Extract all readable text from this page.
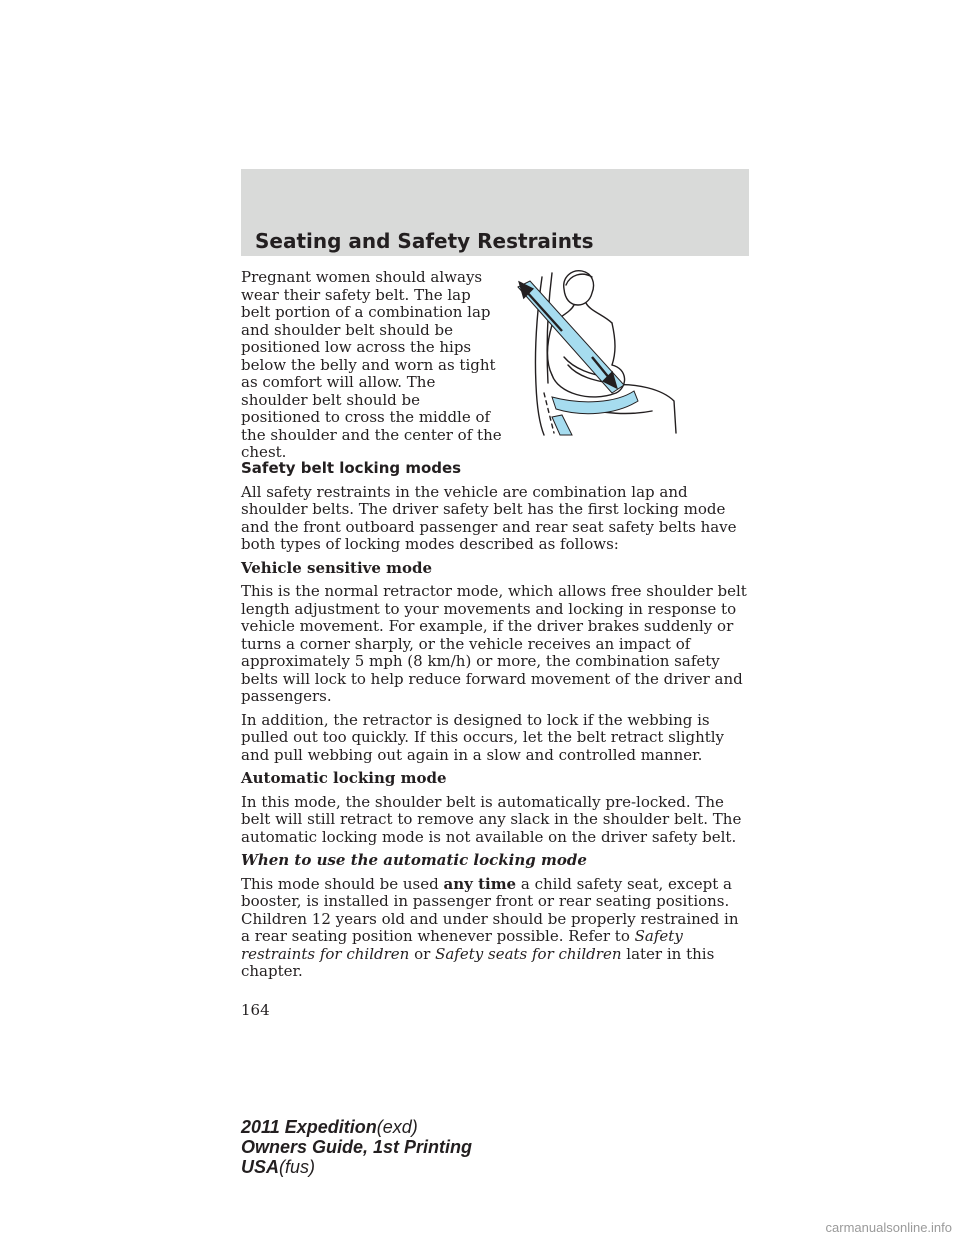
Seating and Safety Restraints
Pregnant women should always wear their safety belt. The lap belt portion of a combination lap and shoulder belt should be positioned low across the hips below the belly and worn as tight as comfort will allow. The shoulder belt should be positioned to cross the middle of the shoulder and the center of the chest.
Safety belt locking modes

All safety restraints in the vehicle are combination lap and shoulder belts. The driver safety belt has the first locking mode and the front outboard passenger and rear seat safety belts have both types of locking modes described as follows:

Vehicle sensitive mode

This is the normal retractor mode, which allows free shoulder belt length adjustment to your movements and locking in response to vehicle movement. For example, if the driver brakes suddenly or turns a corner sharply, or the vehicle receives an impact of approximately 5 mph (8 km/h) or more, the combination safety belts will lock to help reduce forward movement of the driver and passengers.

In addition, the retractor is designed to lock if the webbing is pulled out too quickly. If this occurs, let the belt retract slightly and pull webbing out again in a slow and controlled manner.

Automatic locking mode

In this mode, the shoulder belt is automatically pre-locked. The belt will still retract to remove any slack in the shoulder belt. The automatic locking mode is not available on the driver safety belt.

When to use the automatic locking mode

This mode should be used any time a child safety seat, except a booster, is installed in passenger front or rear seating positions. Children 12 years old and under should be properly restrained in a rear seating position whenever possible. Refer to Safety restraints for children or Safety seats for children later in this chapter.

164
2011 Expedition(exd)
Owners Guide, 1st Printing
USA(fus)
carmanualsonline.info
